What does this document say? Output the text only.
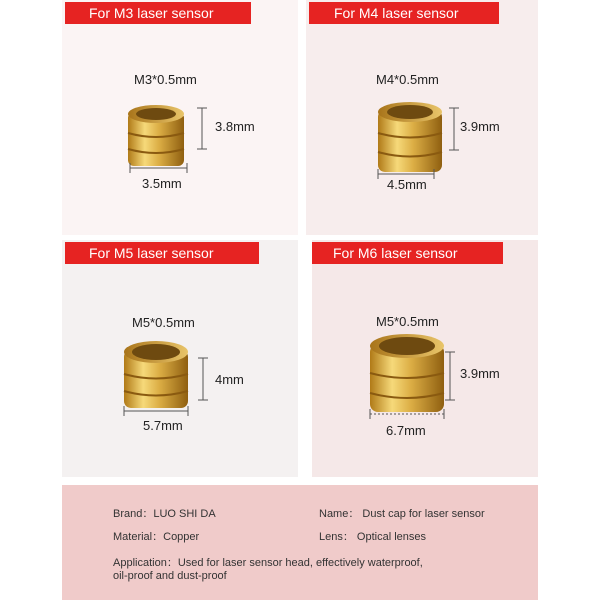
For M3 laser sensor
M3*0.5mm
3.8mm
3.5mm
For M4 laser sensor
M4*0.5mm
3.9mm
4.5mm
For M5 laser sensor
M5*0.5mm
4mm
5.7mm
For M6 laser sensor
M5*0.5mm
3.9mm
6.7mm
Brand：LUO SHI DA	Name： Dust cap for laser sensor
Material：Copper	Lens： Optical lenses
Application：Used for laser sensor head, effectively waterproof,
oil-proof and dust-proof
